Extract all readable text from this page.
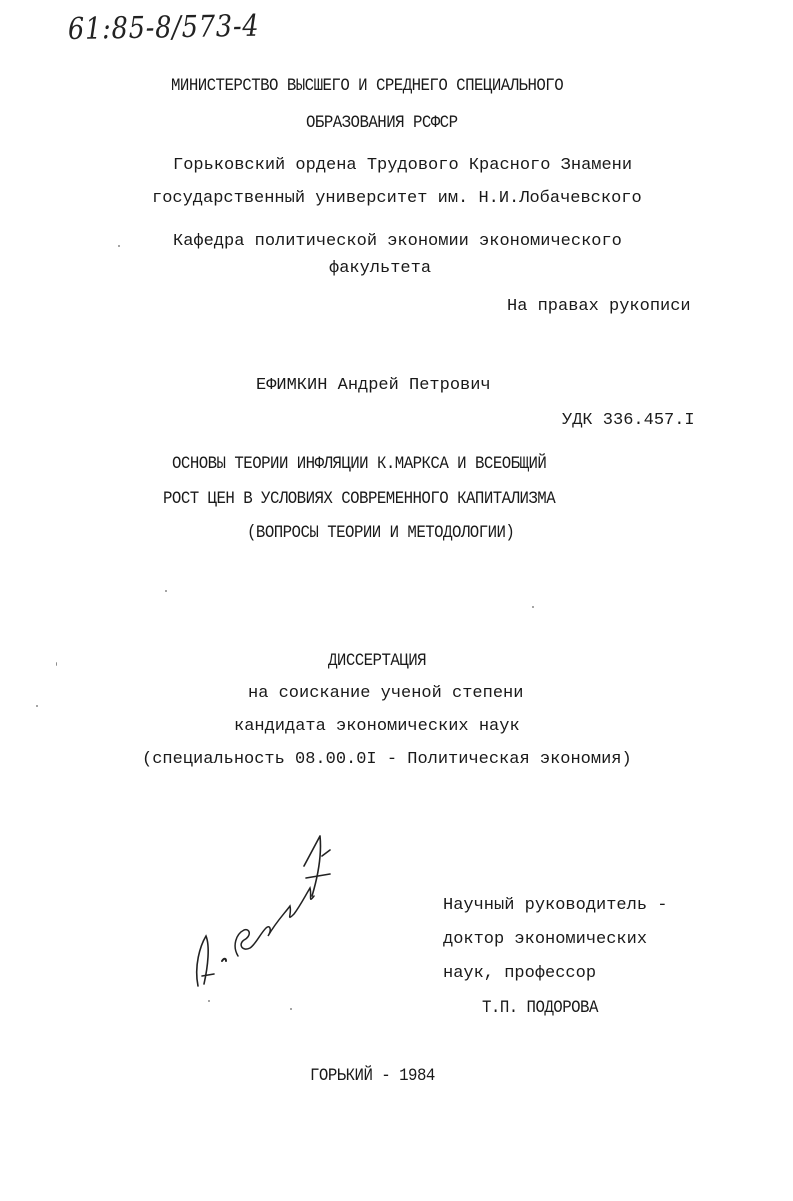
61:85-8/573-4
МИНИСТЕРСТВО ВЫСШЕГО И СРЕДНЕГО СПЕЦИАЛЬНОГО
ОБРАЗОВАНИЯ РСФСР
Горьковский ордена Трудового Красного Знамени
государственный университет им. Н.И.Лобачевского
Кафедра политической экономии экономического
факультета
На правах рукописи
ЕФИМКИН Андрей Петрович
УДК 336.457.I
ОСНОВЫ ТЕОРИИ ИНФЛЯЦИИ К.МАРКСА И ВСЕОБЩИЙ
РОСТ ЦЕН В УСЛОВИЯХ СОВРЕМЕННОГО КАПИТАЛИЗМА
(ВОПРОСЫ ТЕОРИИ И МЕТОДОЛОГИИ)
ДИССЕРТАЦИЯ
на соискание ученой степени
кандидата экономических наук
(специальность 08.00.0I - Политическая экономия)
Научный руководитель -
доктор экономических
наук, профессор
Т.П. ПОДОРОВА
ГОРЬКИЙ - 1984
